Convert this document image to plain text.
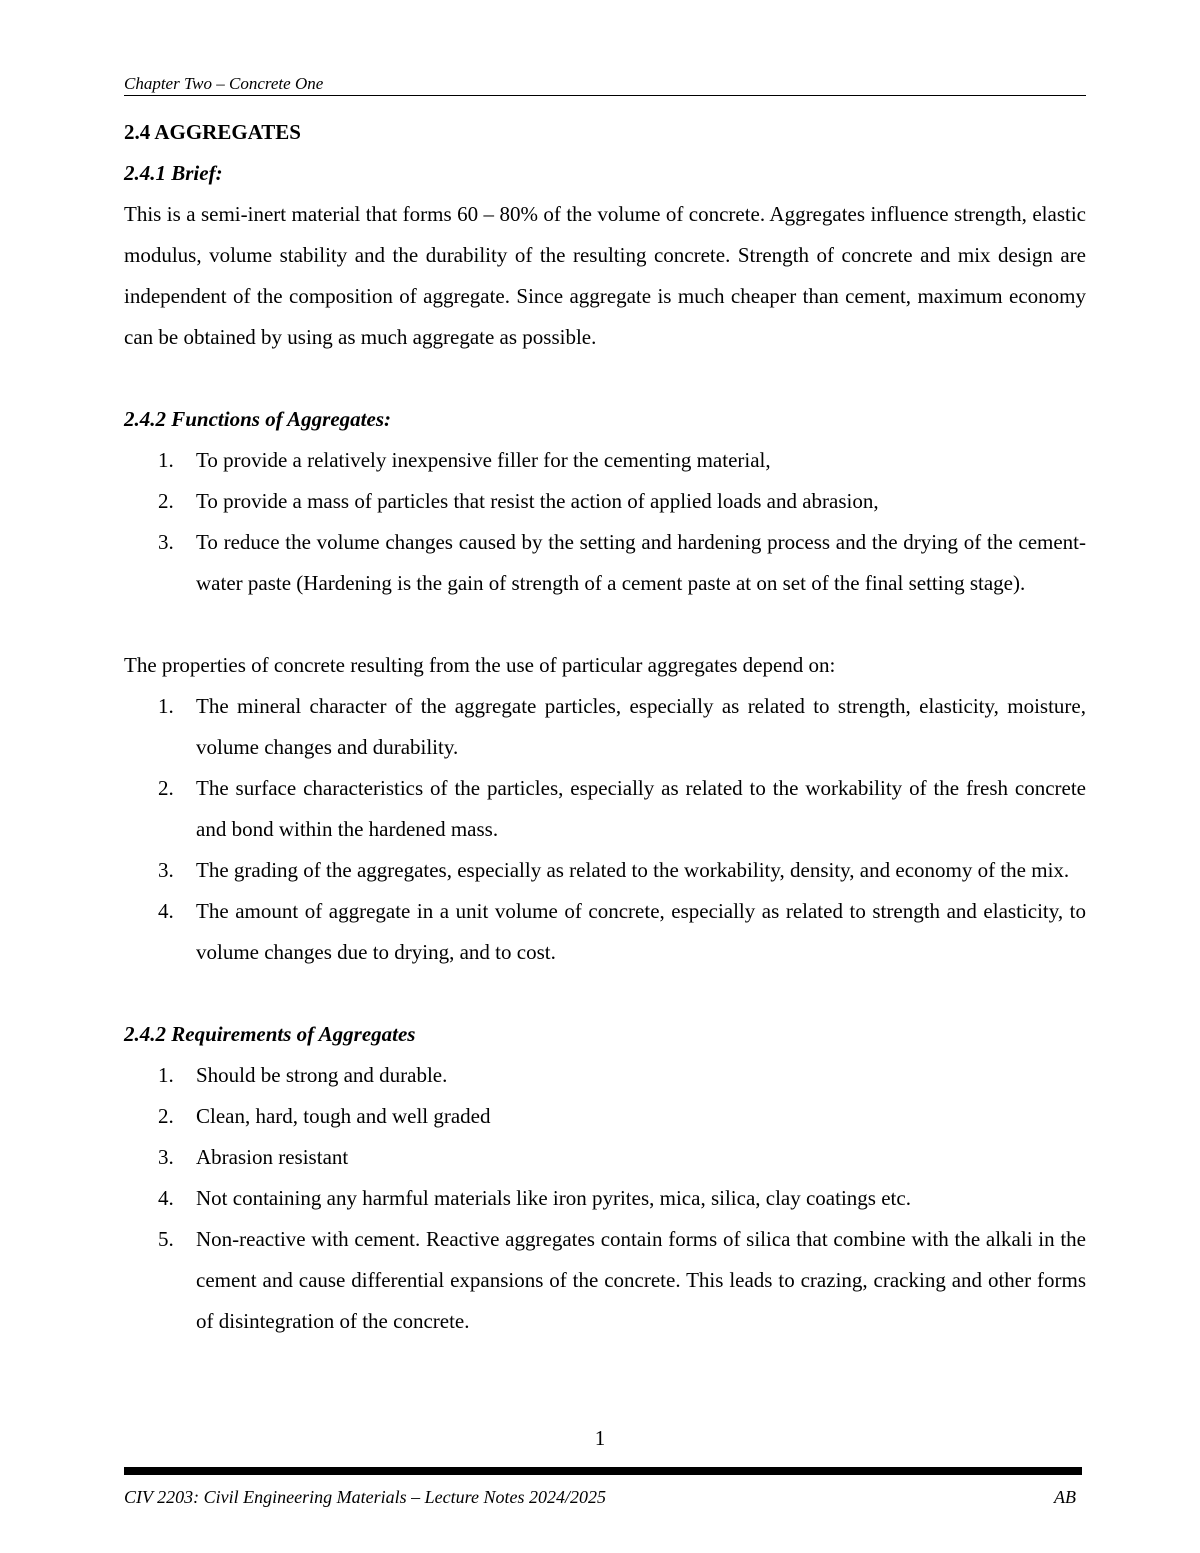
Chapter Two – Concrete One
2.4 AGGREGATES
2.4.1 Brief:

This is a semi-inert material that forms 60 – 80% of the volume of concrete. Aggregates influence strength, elastic modulus, volume stability and the durability of the resulting concrete. Strength of concrete and mix design are independent of the composition of aggregate. Since aggregate is much cheaper than cement, maximum economy can be obtained by using as much aggregate as possible.

2.4.2 Functions of Aggregates:
1. To provide a relatively inexpensive filler for the cementing material,
2. To provide a mass of particles that resist the action of applied loads and abrasion,
3. To reduce the volume changes caused by the setting and hardening process and the drying of the cement-water paste (Hardening is the gain of strength of a cement paste at on set of the final setting stage).

The properties of concrete resulting from the use of particular aggregates depend on:

1. The mineral character of the aggregate particles, especially as related to strength, elasticity, moisture, volume changes and durability.
2. The surface characteristics of the particles, especially as related to the workability of the fresh concrete and bond within the hardened mass.
3. The grading of the aggregates, especially as related to the workability, density, and economy of the mix.
4. The amount of aggregate in a unit volume of concrete, especially as related to strength and elasticity, to volume changes due to drying, and to cost.
2.4.2 Requirements of Aggregates
1. Should be strong and durable.
2. Clean, hard, tough and well graded
3. Abrasion resistant
4. Not containing any harmful materials like iron pyrites, mica, silica, clay coatings etc.
5. Non-reactive with cement. Reactive aggregates contain forms of silica that combine with the alkali in the cement and cause differential expansions of the concrete. This leads to crazing, cracking and other forms of disintegration of the concrete.
1
CIV 2203: Civil Engineering Materials – Lecture Notes 2024/2025	AB
